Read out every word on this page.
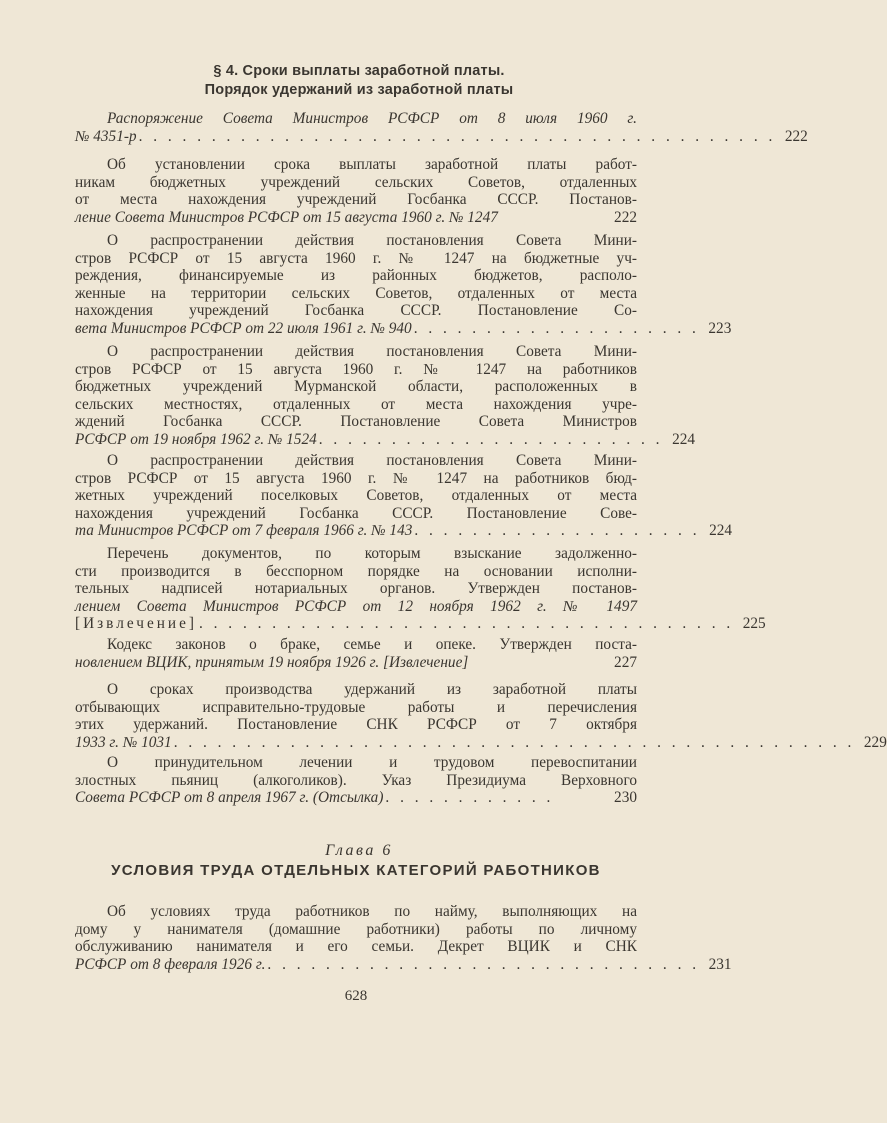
§ 4. Сроки выплаты заработной платы.
Порядок удержаний из заработной платы
Распоряжение Совета Министров РСФСР от 8 июля 1960 г.
№ 4351-р . . . . . . . . . . . . . . . . . . . . . . . . . . . . . . . . . . . . . . . . . . . . 222
Об установлении срока выплаты заработной платы работ-
никам бюджетных учреждений сельских Советов, отдаленных
от места нахождения учреждений Госбанка СССР. Постанов-
ление Совета Министров РСФСР от 15 августа 1960 г. № 1247	222
О распространении действия постановления Совета Мини-
стров РСФСР от 15 августа 1960 г. № 1247 на бюджетные уч-
реждения, финансируемые из районных бюджетов, располо-
женные на территории сельских Советов, отдаленных от места
нахождения учреждений Госбанка СССР. Постановление Со-
вета Министров РСФСР от 22 июля 1961 г. № 940 . . . . . . . . . . . . . . . . . . . . 223
О распространении действия постановления Совета Мини-
стров РСФСР от 15 августа 1960 г. № 1247 на работников
бюджетных учреждений Мурманской области, расположенных в
сельских местностях, отдаленных от места нахождения учре-
ждений Госбанка СССР. Постановление Совета Министров
РСФСР от 19 ноября 1962 г. № 1524 . . . . . . . . . . . . . . . . . . . . . . . . 224
О распространении действия постановления Совета Мини-
стров РСФСР от 15 августа 1960 г. № 1247 на работников бюд-
жетных учреждений поселковых Советов, отдаленных от места
нахождения учреждений Госбанка СССР. Постановление Сове-
та Министров РСФСР от 7 февраля 1966 г. № 143 . . . . . . . . . . . . . . . . . . . . 224
Перечень документов, по которым взыскание задолженно-
сти производится в бесспорном порядке на основании исполни-
тельных надписей нотариальных органов. Утвержден постанов-
лением Совета Министров РСФСР от 12 ноября 1962 г. № 1497
[Извлечение] . . . . . . . . . . . . . . . . . . . . . . . . . . . . . . . . . . . . . 225
Кодекс законов о браке, семье и опеке. Утвержден поста-
новлением ВЦИК, принятым 19 ноября 1926 г. [Извлечение]	227
О сроках производства удержаний из заработной платы
отбывающих исправительно-трудовые работы и перечисления
этих удержаний. Постановление СНК РСФСР от 7 октября
1933 г. № 1031 . . . . . . . . . . . . . . . . . . . . . . . . . . . . . . . . . . . . . . . . . . . . . . . 229
О принудительном лечении и трудовом перевоспитании
злостных пьяниц (алкоголиков). Указ Президиума Верховного
Совета РСФСР от 8 апреля 1967 г. (Отсылка) . . . . . . . . . . . .	230
Глава 6
УСЛОВИЯ ТРУДА ОТДЕЛЬНЫХ КАТЕГОРИЙ РАБОТНИКОВ
Об условиях труда работников по найму, выполняющих на
дому у нанимателя (домашние работники) работы по личному
обслуживанию нанимателя и его семьи. Декрет ВЦИК и СНК
РСФСР от 8 февраля 1926 г. . . . . . . . . . . . . . . . . . . . . . . . . . . . . . . 231
628
